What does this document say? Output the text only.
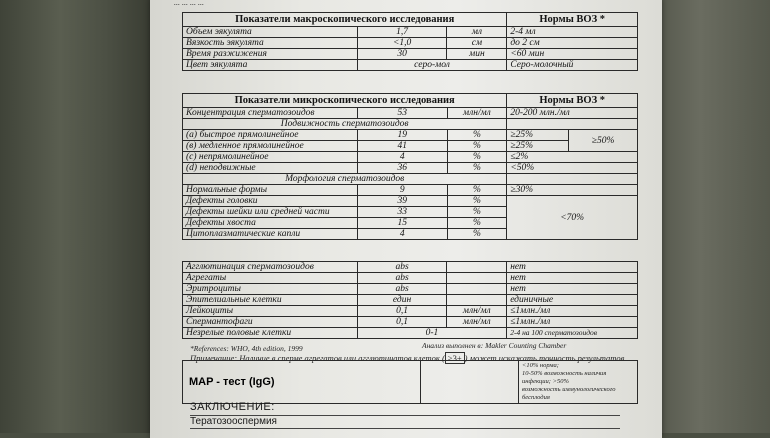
... ... ... ...
Показатели макроскопического исследования			Нормы ВОЗ *
Объем эякулята	1,7	мл	2-4 мл
Вязкость эякулята	<1,0	см	до 2 см
Время разжижения	30	мин	<60 мин
Цвет эякулята	серо-мол		Серо-молочный
Показатели микроскопического исследования			Нормы ВОЗ *	
Концентрация сперматозоидов	53	млн/мл	20-200 млн./мл	
Подвижность сперматозоидов				
(а) быстрое прямолинейное	19	%	≥25%	≥50%
(в) медленное прямолинейное	41	%	≥25%	
(с) непрямолинейное	4	%	≤2%	
(d) неподвижные	36	%	<50%	
Морфология сперматозоидов				
Нормальные формы	9	%	≥30%	
Дефекты головки	39	%	<70%	
Дефекты шейки или средней части	33	%		
Дефекты хвоста	15	%		
Цитоплазматические капли	4	%		
Агглютинация сперматозоидов	abs		нет
Агрегаты	abs		нет
Эритроциты	abs		нет
Эпителиальные клетки	един		единичные
Лейкоциты	0,1	млн/мл	≤1млн./мл
Спермантофаги	0,1	млн/мл	≤1млн./мл
Незрелые половые клетки	0-1		2-4 на 100 сперматозоидов
*References: WHO, 4th edition, 1999	Анализ выполнен в: Makler Counting Chamber
Примечание: Наличие в сперме агрегатов или агглютинатов клеток ( >3+ ) может искажать точность результатов
MAP - тест (IgG)		
<10% норма;
10-50% возможность наличия инфекции; >50%
возможность иммунологического бесплодия
ЗАКЛЮЧЕНИЕ:
Тератозооспермия
